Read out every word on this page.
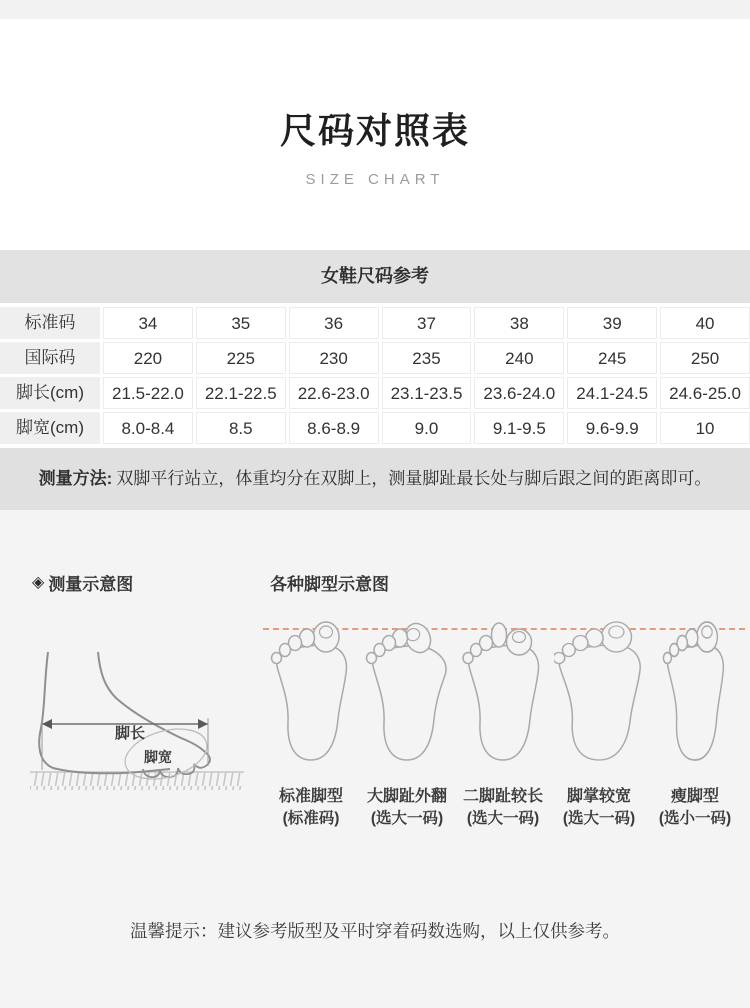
尺码对照表
SIZE CHART
女鞋尺码参考
标准码	34	35	36	37	38	39	40
国际码	220	225	230	235	240	245	250
脚长(cm)	21.5-22.0	22.1-22.5	22.6-23.0	23.1-23.5	23.6-24.0	24.1-24.5	24.6-25.0
脚宽(cm)	8.0-8.4	8.5	8.6-8.9	9.0	9.1-9.5	9.6-9.9	10
测量方法: 双脚平行站立，体重均分在双脚上，测量脚趾最长处与脚后跟之间的距离即可。
◈ 测量示意图	各种脚型示意图
脚长
脚宽
标准脚型
(标准码)
大脚趾外翻
(选大一码)
二脚趾较长
(选大一码)
脚掌较宽
(选大一码)
瘦脚型
(选小一码)
温馨提示：建议参考版型及平时穿着码数选购，以上仅供参考。
